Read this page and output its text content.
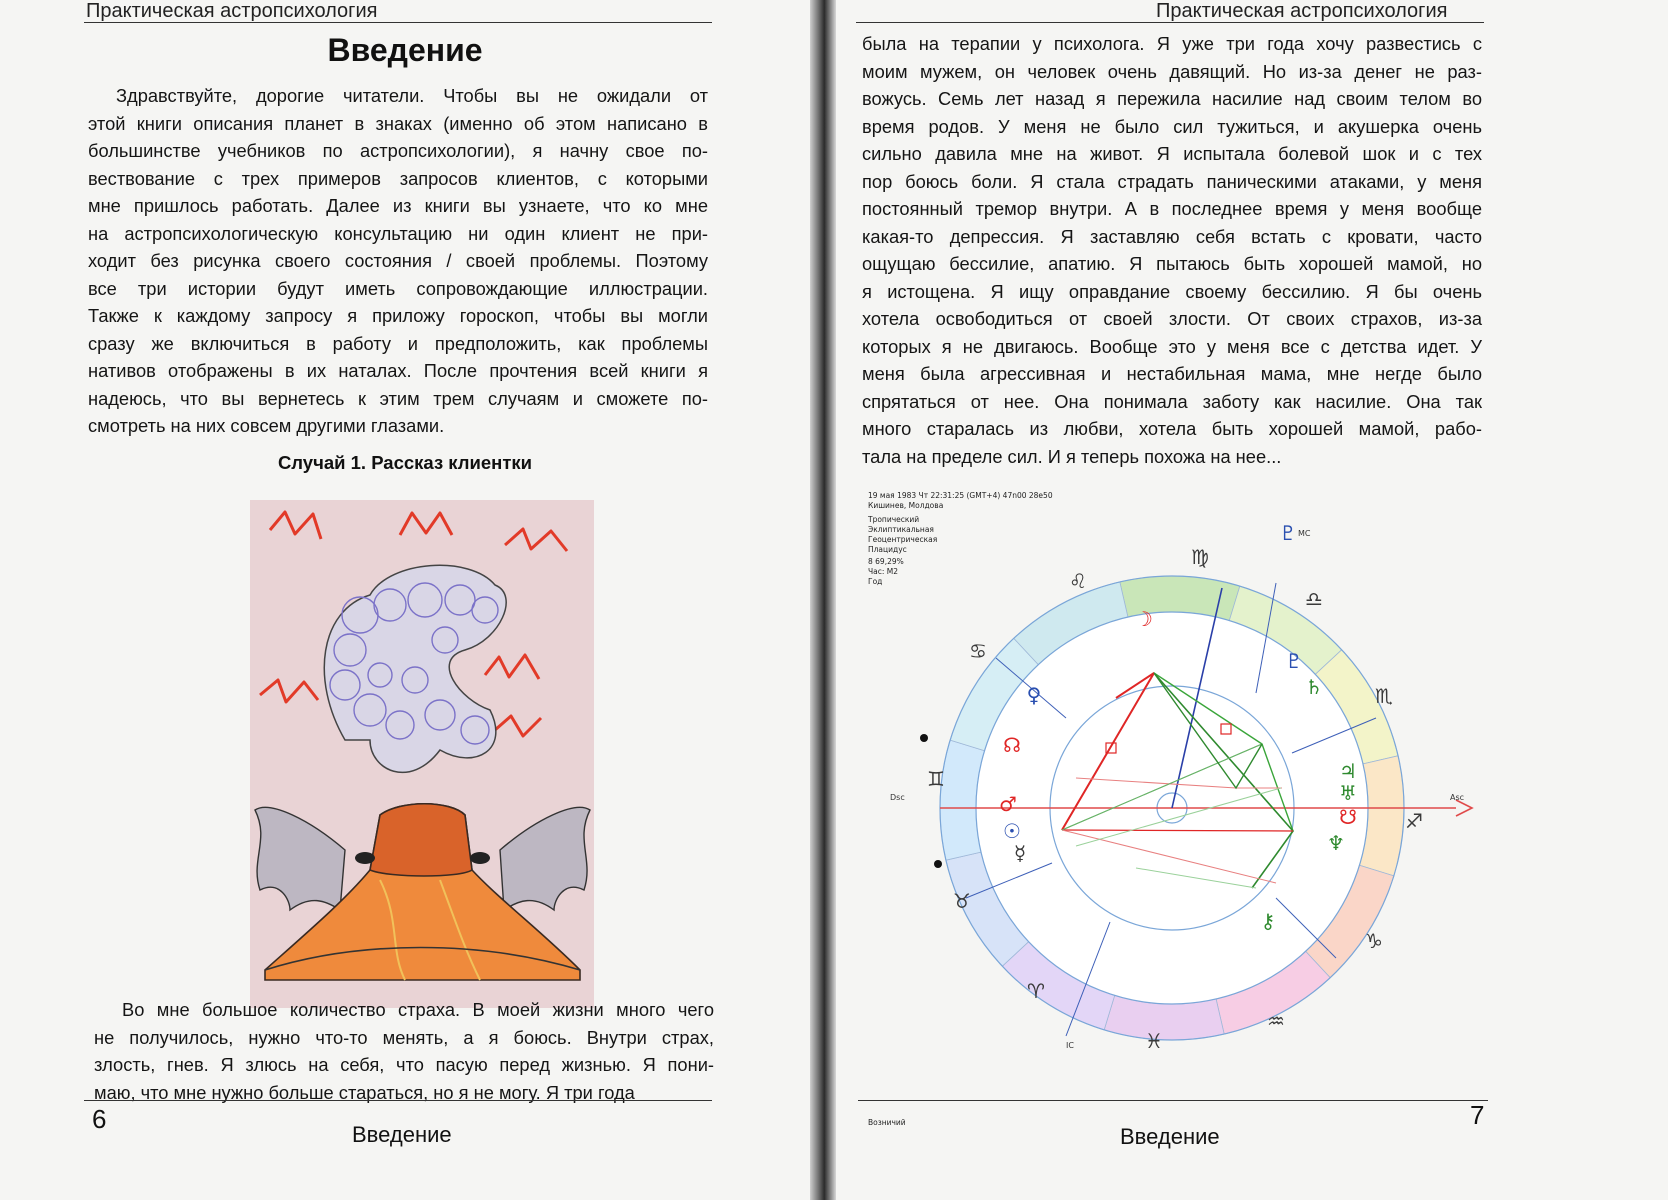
Практическая астропсихология
Введение
Здравствуйте, дорогие читатели. Чтобы вы не ожидали от
этой книги описания планет в знаках (именно об этом написано в
большинстве учебников по астропсихологии), я начну свое по-
вествование с трех примеров запросов клиентов, с которыми
мне пришлось работать. Далее из книги вы узнаете, что ко мне
на астропсихологическую консультацию ни один клиент не при-
ходит без рисунка своего состояния / своей проблемы. Поэтому
все три истории будут иметь сопровождающие иллюстрации.
Также к каждому запросу я приложу гороскоп, чтобы вы могли
сразу же включиться в работу и предположить, как проблемы
нативов отображены в их наталах. После прочтения всей книги я
надеюсь, что вы вернетесь к этим трем случаям и сможете по-
смотреть на них совсем другими глазами.
Случай 1. Рассказ клиентки
Во мне большое количество страха. В моей жизни много чего
не получилось, нужно что-то менять, а я боюсь. Внутри страх,
злость, гнев. Я злюсь на себя, что пасую перед жизнью. Я пони-
маю, что мне нужно больше стараться, но я не могу. Я три года
6
Введение
Практическая астропсихология
была на терапии у психолога. Я уже три года хочу развестись с
моим мужем, он человек очень давящий. Но из-за денег не раз-
вожусь. Семь лет назад я пережила насилие над своим телом во
время родов. У меня не было сил тужиться, и акушерка очень
сильно давила мне на живот. Я испытала болевой шок и с тех
пор боюсь боли. Я стала страдать паническими атаками, у меня
постоянный тремор внутри. А в последнее время у меня вообще
какая-то депрессия. Я заставляю себя встать с кровати, часто
ощущаю бессилие, апатию. Я пытаюсь быть хорошей мамой, но
я истощена. Я ищу оправдание своему бессилию. Я бы очень
хотела освободиться от своей злости. От своих страхов, из-за
которых я не двигаюсь. Вообще это у меня все с детства идет. У
меня была агрессивная и нестабильная мама, мне негде было
спрятаться от нее. Она понимала заботу как насилие. Она так
много старалась из любви, хотела быть хорошей мамой, рабо-
тала на пределе сил. И я теперь похожа на нее...
19 мая 1983 Чт 22:31:25 (GMT+4) 47n00 28e50
Кишинев, Молдова
Тропический
Эклиптикальная
Геоцентрическая
Плацидус
8 69,29%
Час: М2
Год
Возничий
♍
♌
♎
♋
♏
♊
♐
♉
♑
♈
♒
♓
☽
♇
♄
♀
☊
♂
☉
☿
♃
♅
☋
♆
⚷
♇
Asc
Dsc
IC
MC
Введение
7
